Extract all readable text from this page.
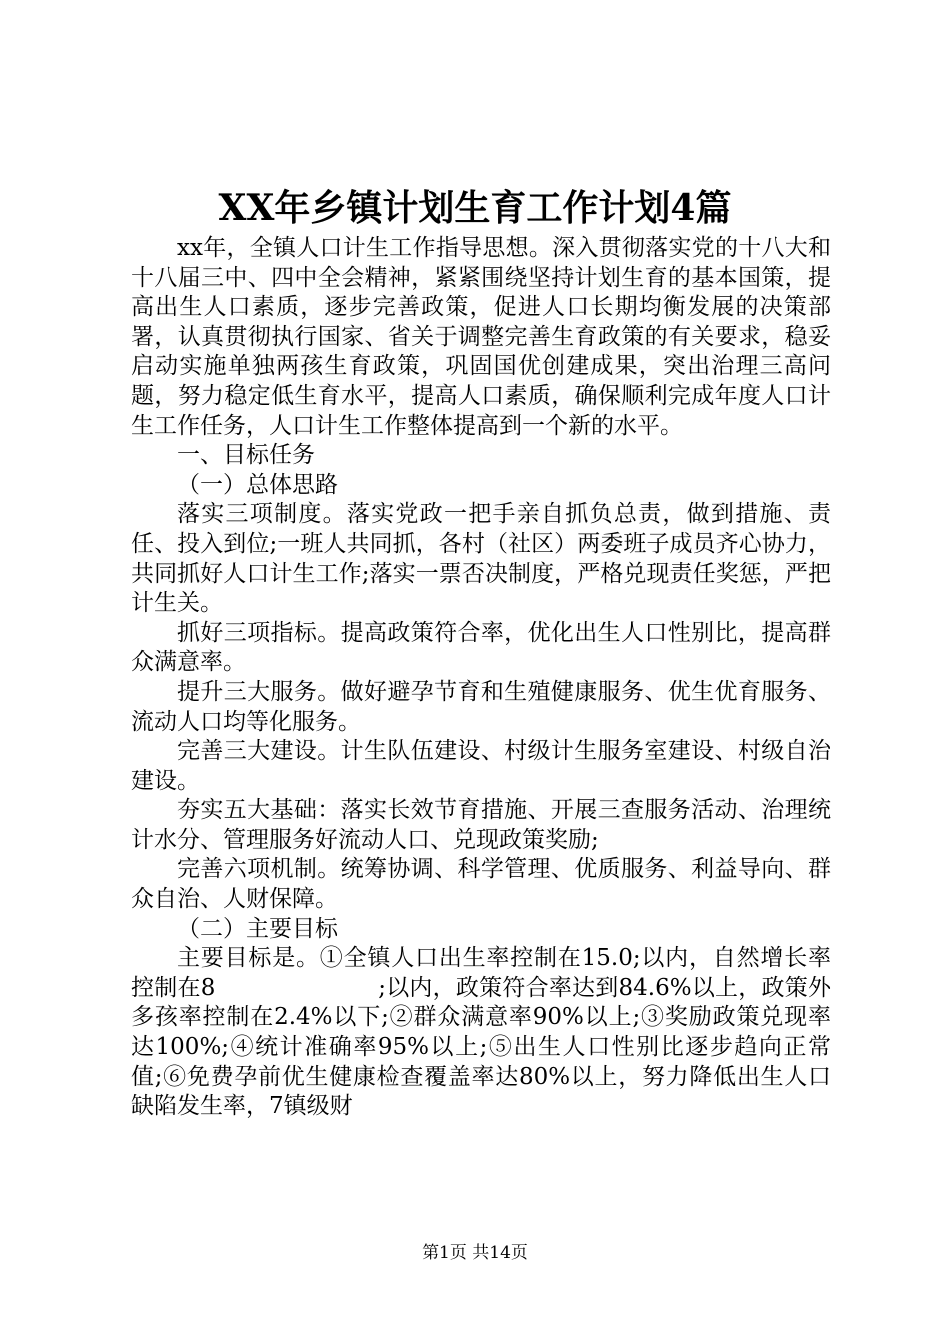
XX年乡镇计划生育工作计划4篇

xx年，全镇人口计生工作指导思想。深入贯彻落实党的十八大和十八届三中、四中全会精神，紧紧围绕坚持计划生育的基本国策，提高出生人口素质，逐步完善政策，促进人口长期均衡发展的决策部署，认真贯彻执行国家、省关于调整完善生育政策的有关要求，稳妥启动实施单独两孩生育政策，巩固国优创建成果，突出治理三高问题，努力稳定低生育水平，提高人口素质，确保顺利完成年度人口计生工作任务，人口计生工作整体提高到一个新的水平。

一、目标任务

（一）总体思路

落实三项制度。落实党政一把手亲自抓负总责，做到措施、责任、投入到位;一班人共同抓，各村（社区）两委班子成员齐心协力，共同抓好人口计生工作;落实一票否决制度，严格兑现责任奖惩，严把计生关。

抓好三项指标。提高政策符合率，优化出生人口性别比，提高群众满意率。

提升三大服务。做好避孕节育和生殖健康服务、优生优育服务、流动人口均等化服务。

完善三大建设。计生队伍建设、村级计生服务室建设、村级自治建设。

夯实五大基础：落实长效节育措施、开展三查服务活动、治理统计水分、管理服务好流动人口、兑现政策奖励;

完善六项机制。统筹协调、科学管理、优质服务、利益导向、群众自治、人财保障。

（二）主要目标

主要目标是。①全镇人口出生率控制在15.0;以内，自然增长率控制在8　　　　　　　;以内，政策符合率达到84.6%以上，政策外多孩率控制在2.4%以下;②群众满意率90%以上;③奖励政策兑现率达100%;④统计准确率95%以上;⑤出生人口性别比逐步趋向正常值;⑥免费孕前优生健康检查覆盖率达80%以上，努力降低出生人口缺陷发生率，7镇级财

第1页 共14页
